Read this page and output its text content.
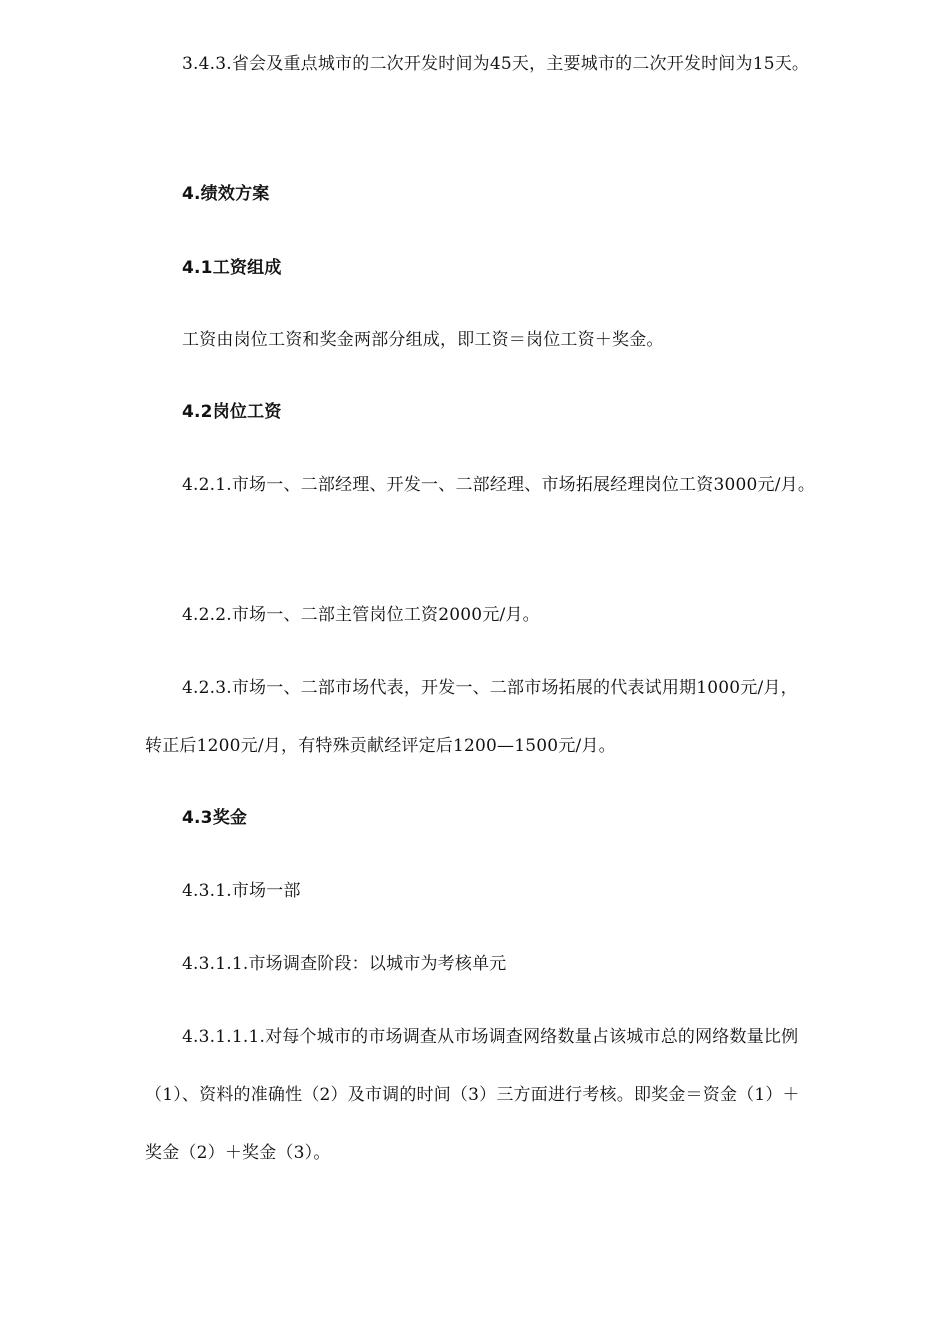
3.4.3.省会及重点城市的二次开发时间为45天，主要城市的二次开发时间为15天。
4.绩效方案
4.1工资组成
工资由岗位工资和奖金两部分组成，即工资＝岗位工资＋奖金。
4.2岗位工资
4.2.1.市场一、二部经理、开发一、二部经理、市场拓展经理岗位工资3000元/月。
4.2.2.市场一、二部主管岗位工资2000元/月。
4.2.3.市场一、二部市场代表，开发一、二部市场拓展的代表试用期1000元/月，
转正后1200元/月，有特殊贡献经评定后1200—1500元/月。
4.3奖金
4.3.1.市场一部
4.3.1.1.市场调查阶段：以城市为考核单元
4.3.1.1.1.对每个城市的市场调查从市场调查网络数量占该城市总的网络数量比例
（1）、资料的准确性（2）及市调的时间（3）三方面进行考核。即奖金＝资金（1）＋
奖金（2）＋奖金（3）。
